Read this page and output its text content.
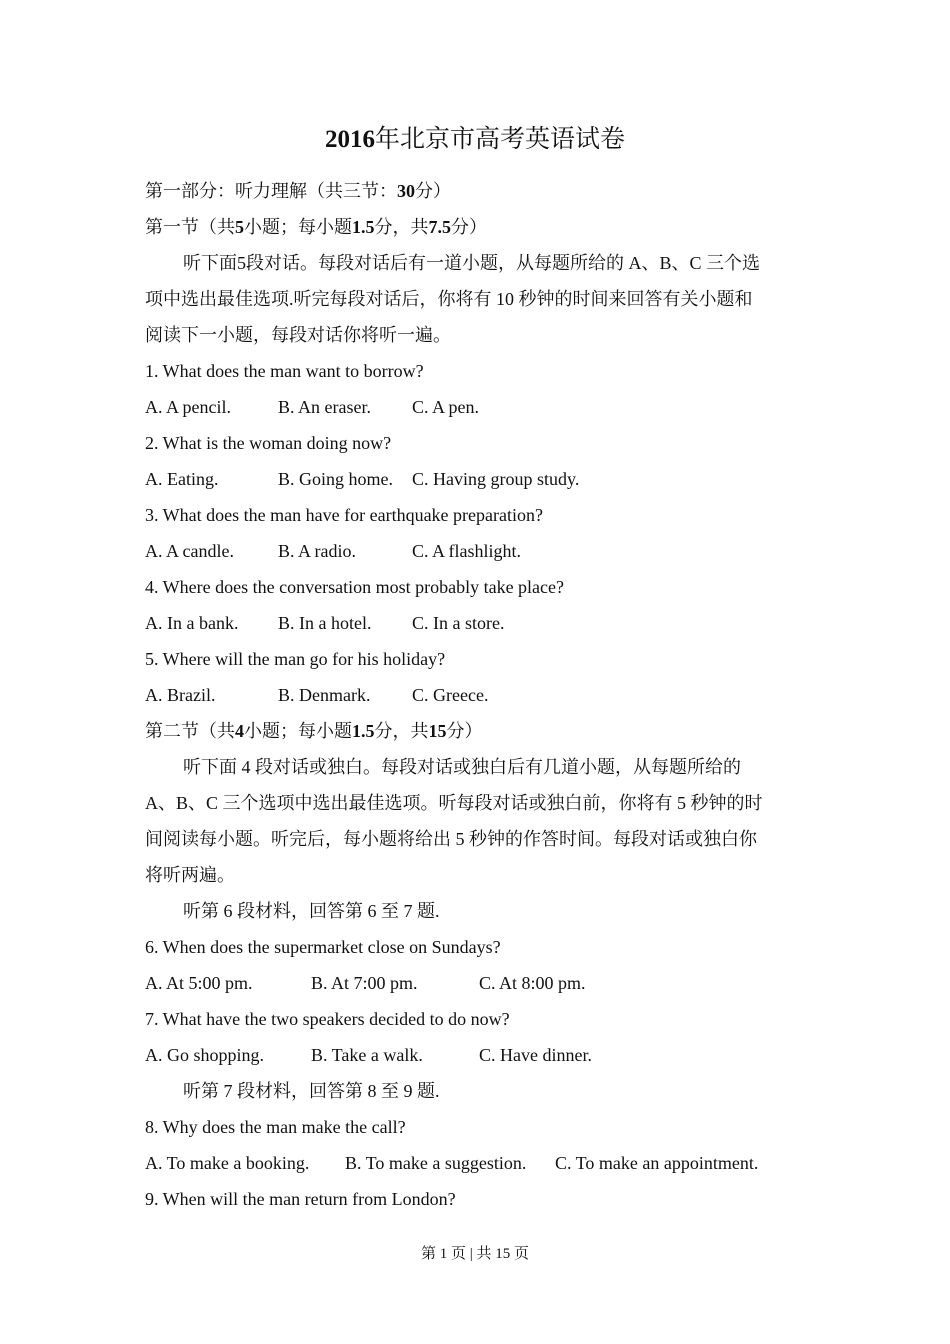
2016年北京市高考英语试卷
第一部分：听力理解（共三节：30分）
第一节（共5小题；每小题1.5分，共7.5分）
听下面5段对话。每段对话后有一道小题，从每题所给的 A、B、C 三个选
项中选出最佳选项.听完每段对话后，你将有 10 秒钟的时间来回答有关小题和
阅读下一小题，每段对话你将听一遍。
1. What does the man want to borrow?
A. A pencil.	B. An eraser. C. A pen.
2. What is the woman doing now?
A. Eating.	B. Going home. C. Having group study.
3. What does the man have for earthquake preparation?
A. A candle. B. A radio.	C. A flashlight.
4. Where does the conversation most probably take place?
A. In a bank. B. In a hotel. C. In a store.
5. Where will the man go for his holiday?
A. Brazil.	B. Denmark. C. Greece.
第二节（共4小题；每小题1.5分，共15分）
听下面 4 段对话或独白。每段对话或独白后有几道小题，从每题所给的
A、B、C 三个选项中选出最佳选项。听每段对话或独白前，你将有 5 秒钟的时
间阅读每小题。听完后，每小题将给出 5 秒钟的作答时间。每段对话或独白你
将听两遍。
听第 6 段材料，回答第 6 至 7 题.
6. When does the supermarket close on Sundays?
A. At 5:00 pm.	B. At 7:00 pm.	C. At 8:00 pm.
7. What have the two speakers decided to do now?
A. Go shopping.	B. Take a walk.	C. Have dinner.
听第 7 段材料，回答第 8 至 9 题.
8. Why does the man make the call?
A. To make a booking. B. To make a suggestion. C. To make an appointment.
9. When will the man return from London?
第 1 页 | 共 15 页
